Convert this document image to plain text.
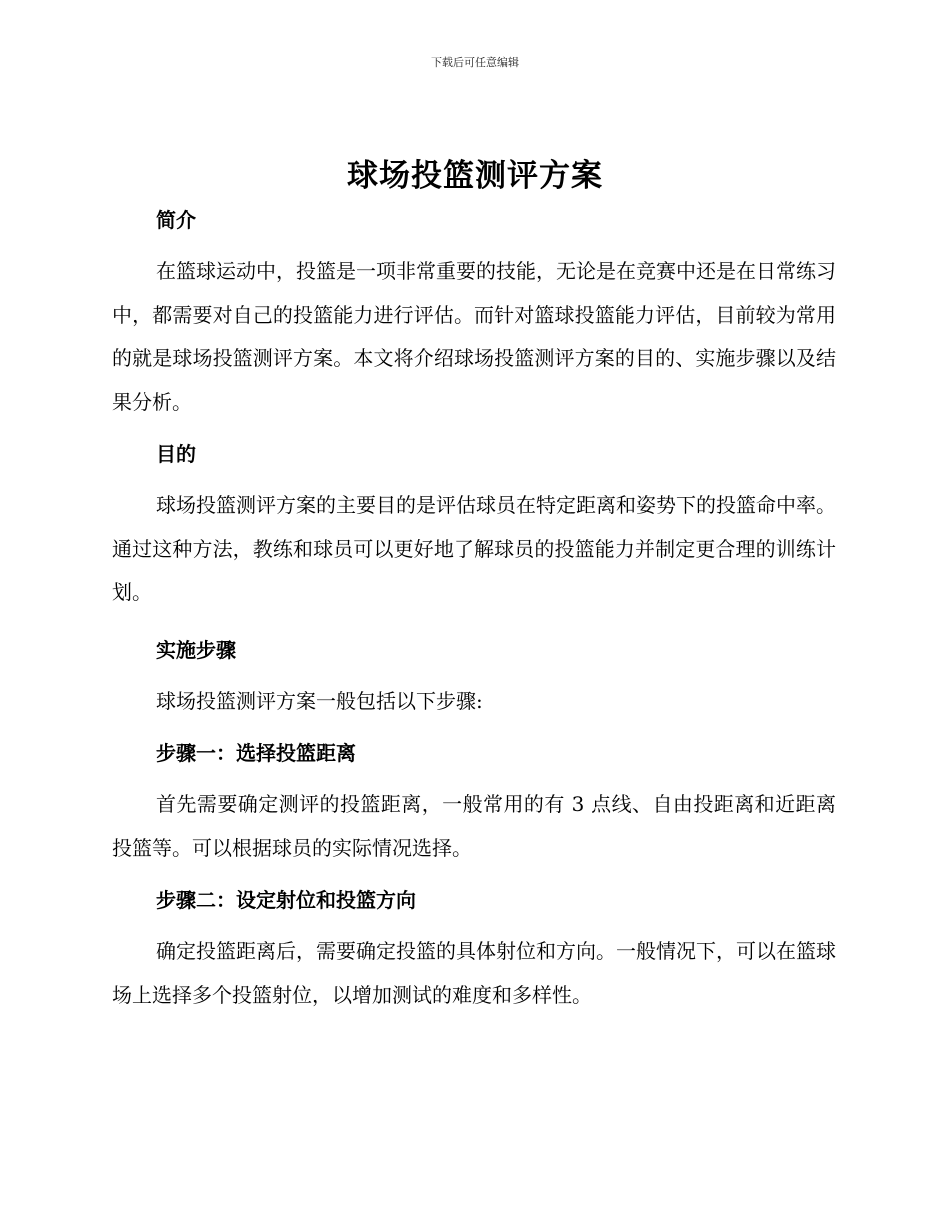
下载后可任意编辑
球场投篮测评方案
简介

在篮球运动中，投篮是一项非常重要的技能，无论是在竞赛中还是在日常练习中，都需要对自己的投篮能力进行评估。而针对篮球投篮能力评估，目前较为常用的就是球场投篮测评方案。本文将介绍球场投篮测评方案的目的、实施步骤以及结果分析。

目的

球场投篮测评方案的主要目的是评估球员在特定距离和姿势下的投篮命中率。通过这种方法，教练和球员可以更好地了解球员的投篮能力并制定更合理的训练计划。

实施步骤

球场投篮测评方案一般包括以下步骤:

步骤一：选择投篮距离

首先需要确定测评的投篮距离，一般常用的有 3 点线、自由投距离和近距离投篮等。可以根据球员的实际情况选择。

步骤二：设定射位和投篮方向

确定投篮距离后，需要确定投篮的具体射位和方向。一般情况下，可以在篮球场上选择多个投篮射位，以增加测试的难度和多样性。
